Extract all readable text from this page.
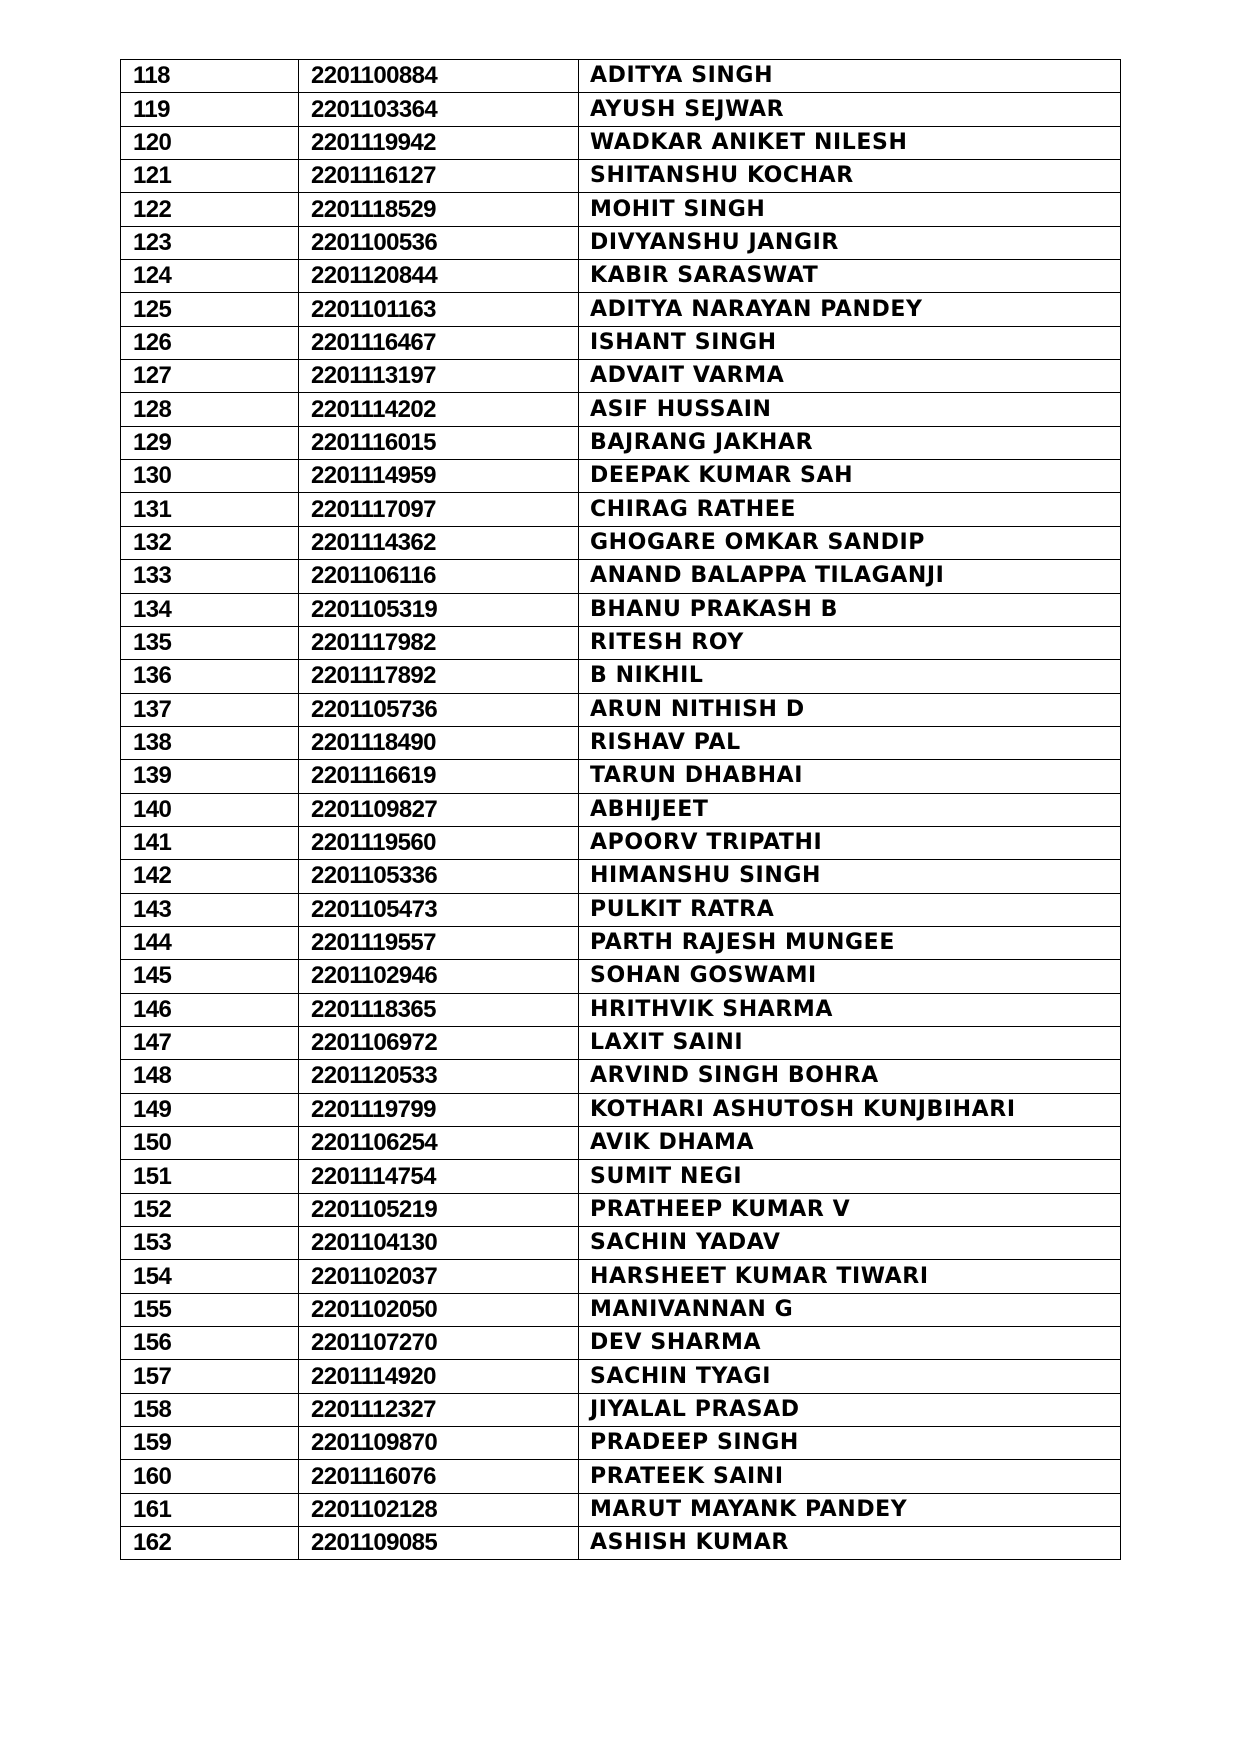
118	2201100884	ADITYA SINGH
119	2201103364	AYUSH SEJWAR
120	2201119942	WADKAR ANIKET NILESH
121	2201116127	SHITANSHU KOCHAR
122	2201118529	MOHIT SINGH
123	2201100536	DIVYANSHU JANGIR
124	2201120844	KABIR SARASWAT
125	2201101163	ADITYA NARAYAN PANDEY
126	2201116467	ISHANT SINGH
127	2201113197	ADVAIT VARMA
128	2201114202	ASIF HUSSAIN
129	2201116015	BAJRANG JAKHAR
130	2201114959	DEEPAK KUMAR SAH
131	2201117097	CHIRAG RATHEE
132	2201114362	GHOGARE OMKAR SANDIP
133	2201106116	ANAND BALAPPA TILAGANJI
134	2201105319	BHANU PRAKASH B
135	2201117982	RITESH ROY
136	2201117892	B NIKHIL
137	2201105736	ARUN NITHISH D
138	2201118490	RISHAV PAL
139	2201116619	TARUN DHABHAI
140	2201109827	ABHIJEET
141	2201119560	APOORV TRIPATHI
142	2201105336	HIMANSHU SINGH
143	2201105473	PULKIT RATRA
144	2201119557	PARTH RAJESH MUNGEE
145	2201102946	SOHAN GOSWAMI
146	2201118365	HRITHVIK SHARMA
147	2201106972	LAXIT SAINI
148	2201120533	ARVIND SINGH BOHRA
149	2201119799	KOTHARI ASHUTOSH KUNJBIHARI
150	2201106254	AVIK DHAMA
151	2201114754	SUMIT NEGI
152	2201105219	PRATHEEP KUMAR V
153	2201104130	SACHIN YADAV
154	2201102037	HARSHEET KUMAR TIWARI
155	2201102050	MANIVANNAN G
156	2201107270	DEV SHARMA
157	2201114920	SACHIN TYAGI
158	2201112327	JIYALAL PRASAD
159	2201109870	PRADEEP SINGH
160	2201116076	PRATEEK SAINI
161	2201102128	MARUT MAYANK PANDEY
162	2201109085	ASHISH KUMAR
